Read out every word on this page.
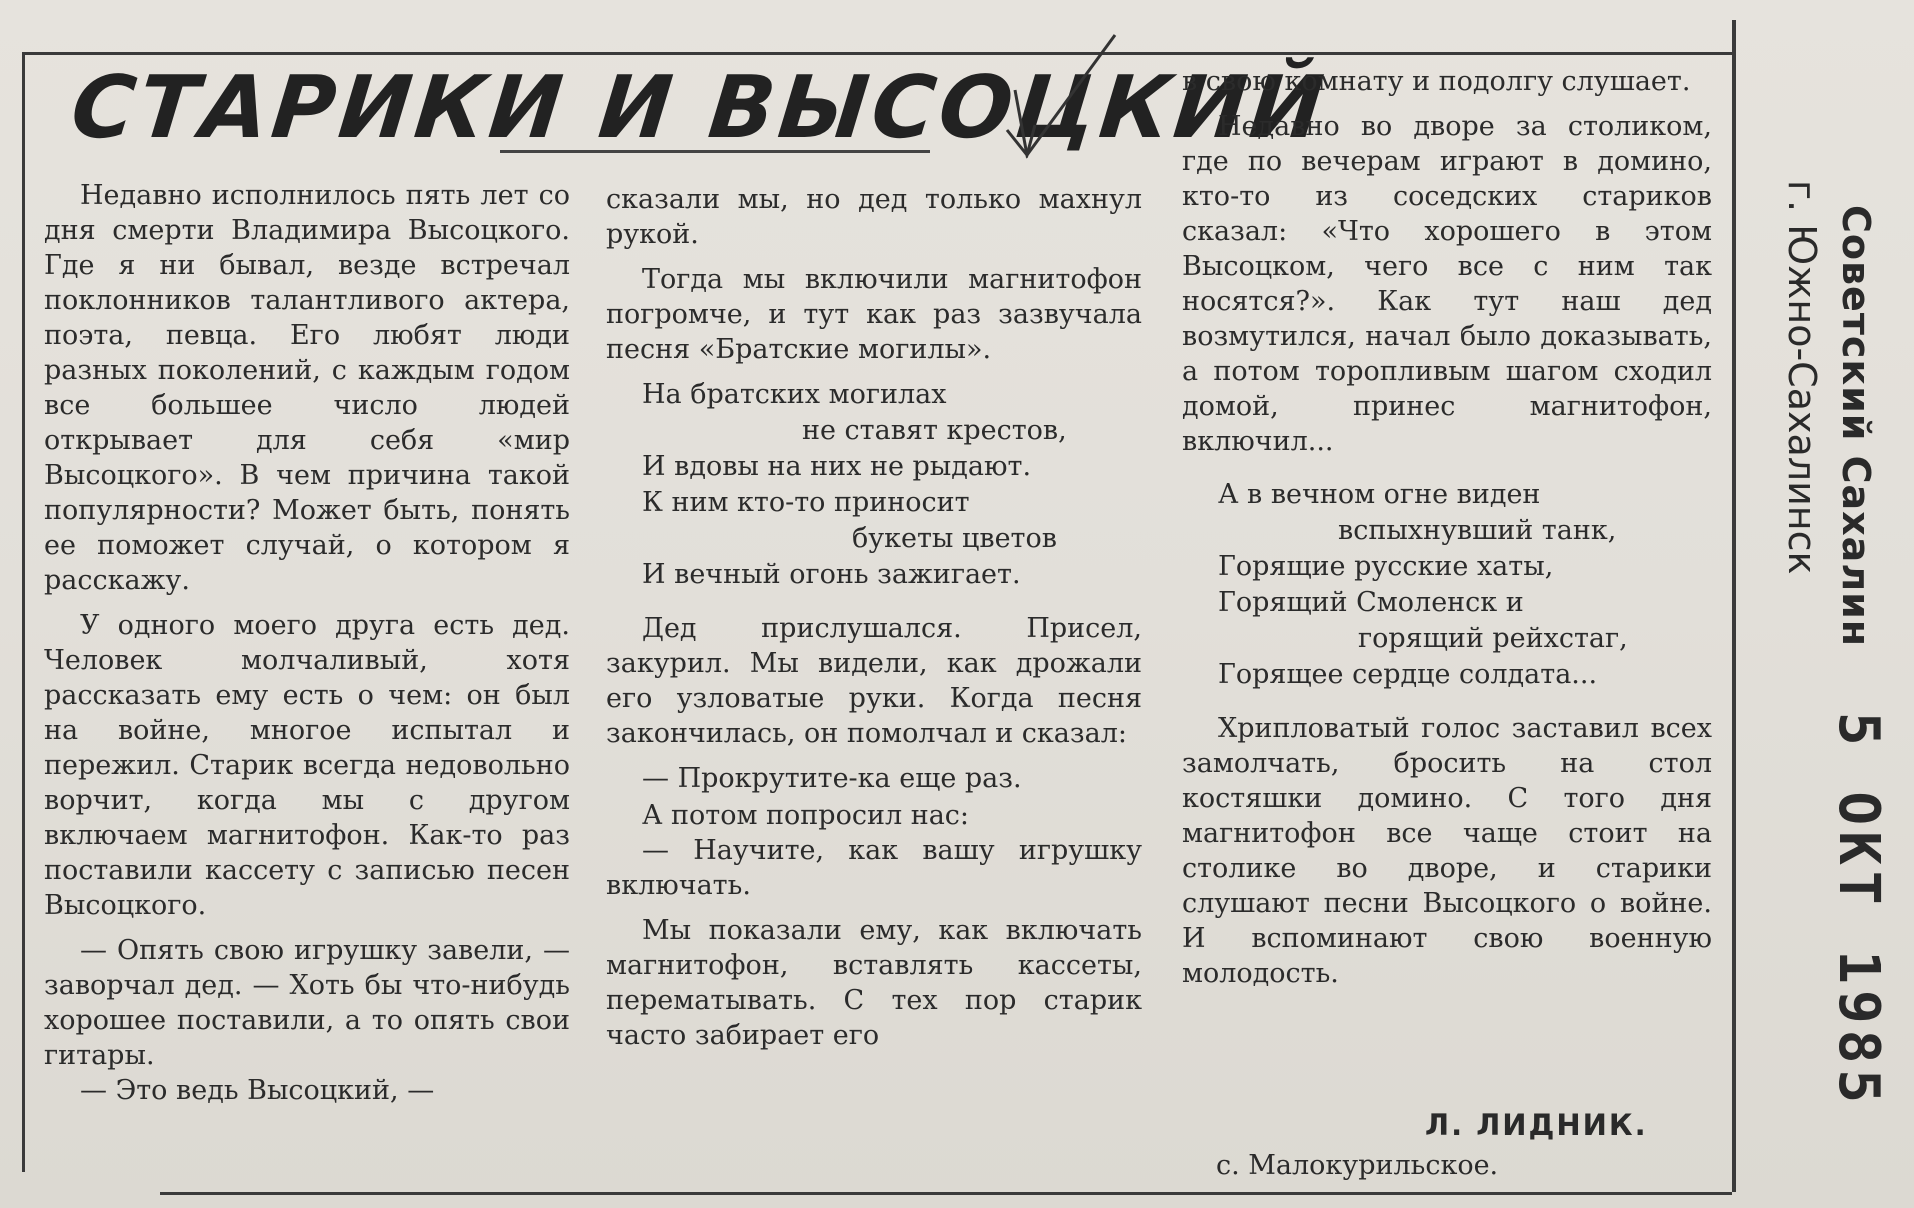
СТАРИКИ И ВЫСОЦКИЙ

Недавно исполнилось пять лет со дня смерти Владимира Высоцкого. Где я ни бывал, везде встречал поклонников талантливого актера, поэта, певца. Его любят люди разных поколений, с каждым годом все большее число людей открывает для себя «мир Высоцкого». В чем причина такой популярности? Может быть, понять ее поможет случай, о котором я расскажу.

У одного моего друга есть дед. Человек молчаливый, хотя рассказать ему есть о чем: он был на войне, многое испытал и пережил. Старик всегда недовольно ворчит, когда мы с другом включаем магнитофон. Как-то раз поставили кассету с записью песен Высоцкого.

— Опять свою игрушку завели, — заворчал дед. — Хоть бы что-нибудь хорошее поставили, а то опять свои гитары.

— Это ведь Высоцкий, —

сказали мы, но дед только махнул рукой.

Тогда мы включили магнитофон погромче, и тут как раз зазвучала песня «Братские могилы».

На братских могилах
не ставят крестов,
И вдовы на них не рыдают.
К ним кто-то приносит
букеты цветов
И вечный огонь зажигает.

Дед прислушался. Присел, закурил. Мы видели, как дрожали его узловатые руки. Когда песня закончилась, он помолчал и сказал:

— Прокрутите-ка еще раз.

А потом попросил нас:

— Научите, как вашу игрушку включать.

Мы показали ему, как включать магнитофон, вставлять кассеты, перематывать. С тех пор старик часто забирает его

в свою комнату и подолгу слушает.

Недавно во дворе за столиком, где по вечерам играют в домино, кто-то из соседских стариков сказал: «Что хорошего в этом Высоцком, чего все с ним так носятся?». Как тут наш дед возмутился, начал было доказывать, а потом торопливым шагом сходил домой, принес магнитофон, включил...

А в вечном огне виден
вспыхнувший танк,
Горящие русские хаты,
Горящий Смоленск и
горящий рейхстаг,
Горящее сердце солдата...

Хрипловатый голос заставил всех замолчать, бросить на стол костяшки домино. С того дня магнитофон все чаще стоит на столике во дворе, и старики слушают песни Высоцкого о войне. И вспоминают свою военную молодость.

Л. ЛИДНИК.
с. Малокурильское.
Советский Сахалин
г. Южно-Сахалинск
5 ОКТ 1985
